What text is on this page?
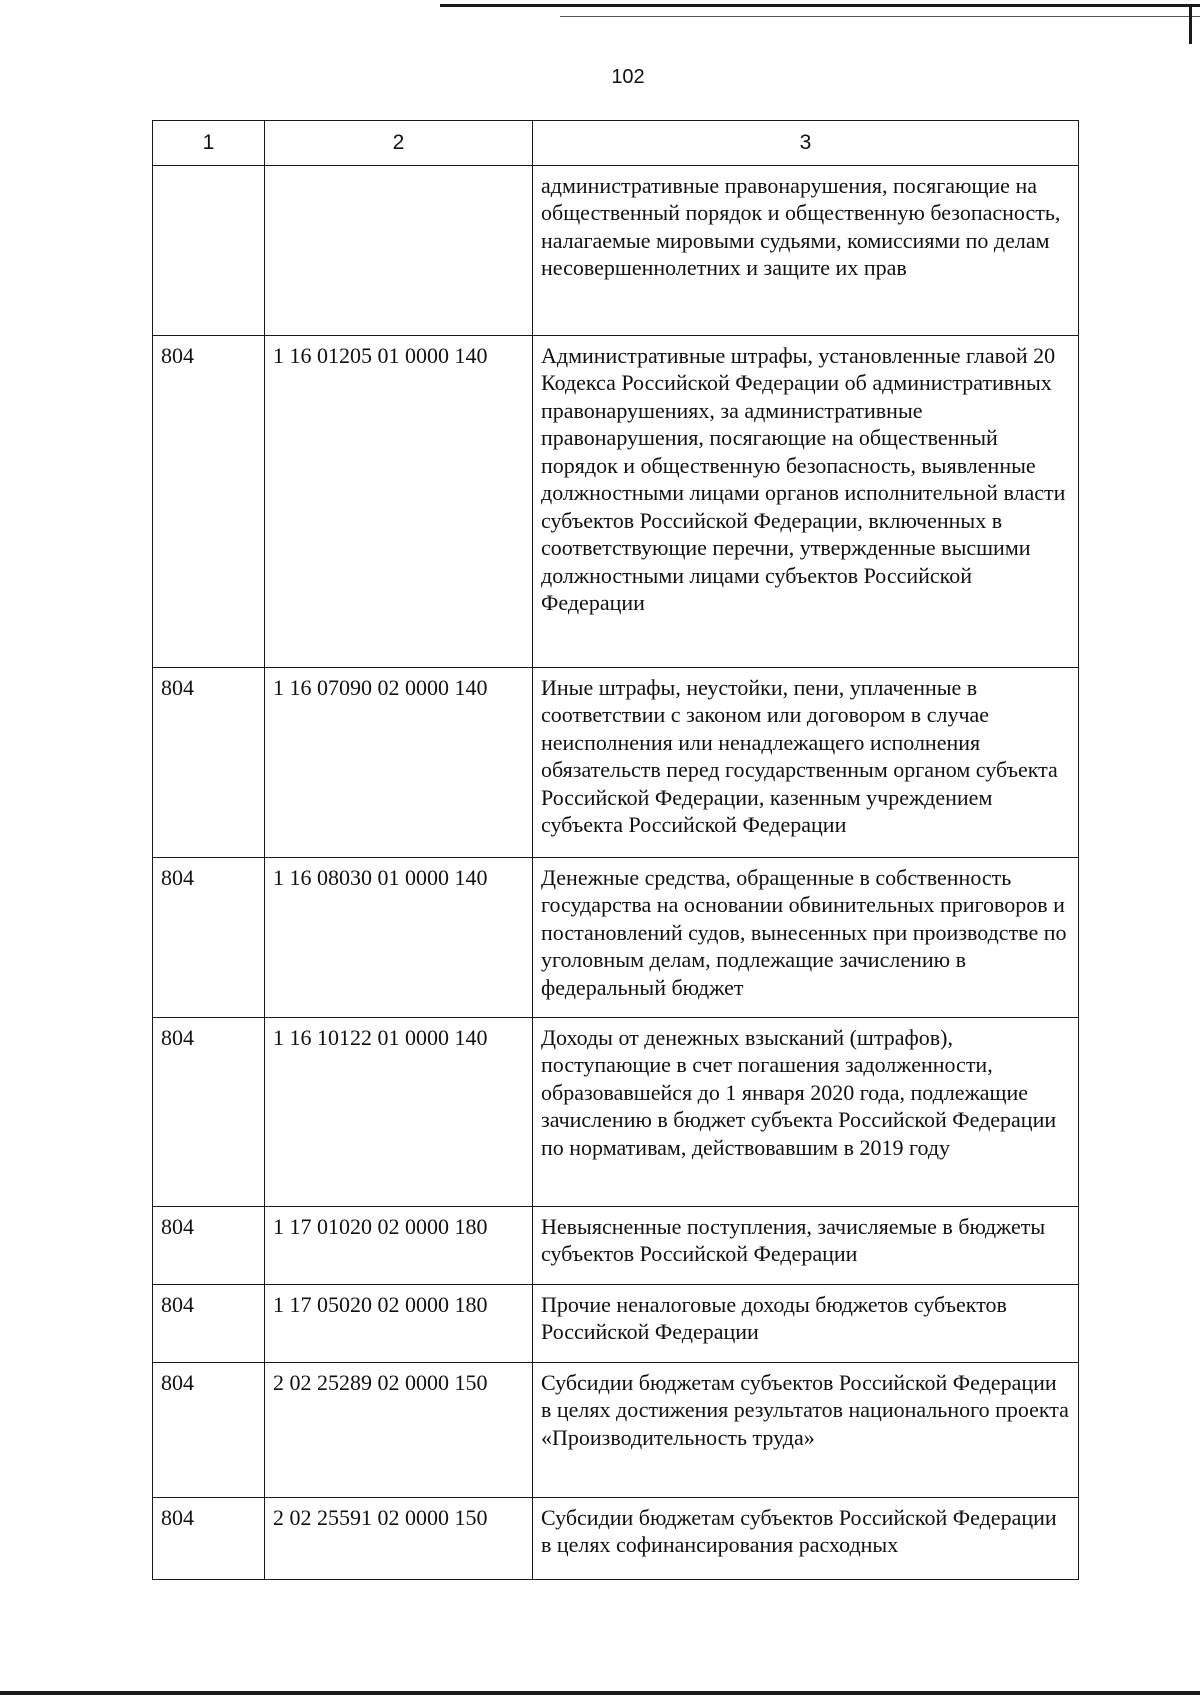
102
1	2	3
		административные правонарушения, посягающие на общественный порядок и общественную безопасность, налагаемые мировыми судьями, комиссиями по делам несовершеннолетних и защите их прав
804	1 16 01205 01 0000 140	Административные штрафы, установленные главой 20 Кодекса Российской Федерации об административных правонарушениях, за административные правонарушения, посягающие на общественный порядок и общественную безопасность, выявленные должностными лицами органов исполнительной власти субъектов Российской Федерации, включенных в соответствующие перечни, утвержденные высшими должностными лицами субъектов Российской Федерации
804	1 16 07090 02 0000 140	Иные штрафы, неустойки, пени, уплаченные в соответствии с законом или договором в случае неисполнения или ненадлежащего исполнения обязательств перед государственным органом субъекта Российской Федерации, казенным учреждением субъекта Российской Федерации
804	1 16 08030 01 0000 140	Денежные средства, обращенные в собственность государства на основании обвинительных приговоров и постановлений судов, вынесенных при производстве по уголовным делам, подлежащие зачислению в федеральный бюджет
804	1 16 10122 01 0000 140	Доходы от денежных взысканий (штрафов), поступающие в счет погашения задолженности, образовавшейся до 1 января 2020 года, подлежащие зачислению в бюджет субъекта Российской Федерации по нормативам, действовавшим в 2019 году
804	1 17 01020 02 0000 180	Невыясненные поступления, зачисляемые в бюджеты субъектов Российской Федерации
804	1 17 05020 02 0000 180	Прочие неналоговые доходы бюджетов субъектов Российской Федерации
804	2 02 25289 02 0000 150	Субсидии бюджетам субъектов Российской Федерации в целях достижения результатов национального проекта «Производительность труда»
804	2 02 25591 02 0000 150	Субсидии бюджетам субъектов Российской Федерации в целях софинансирования расходных
